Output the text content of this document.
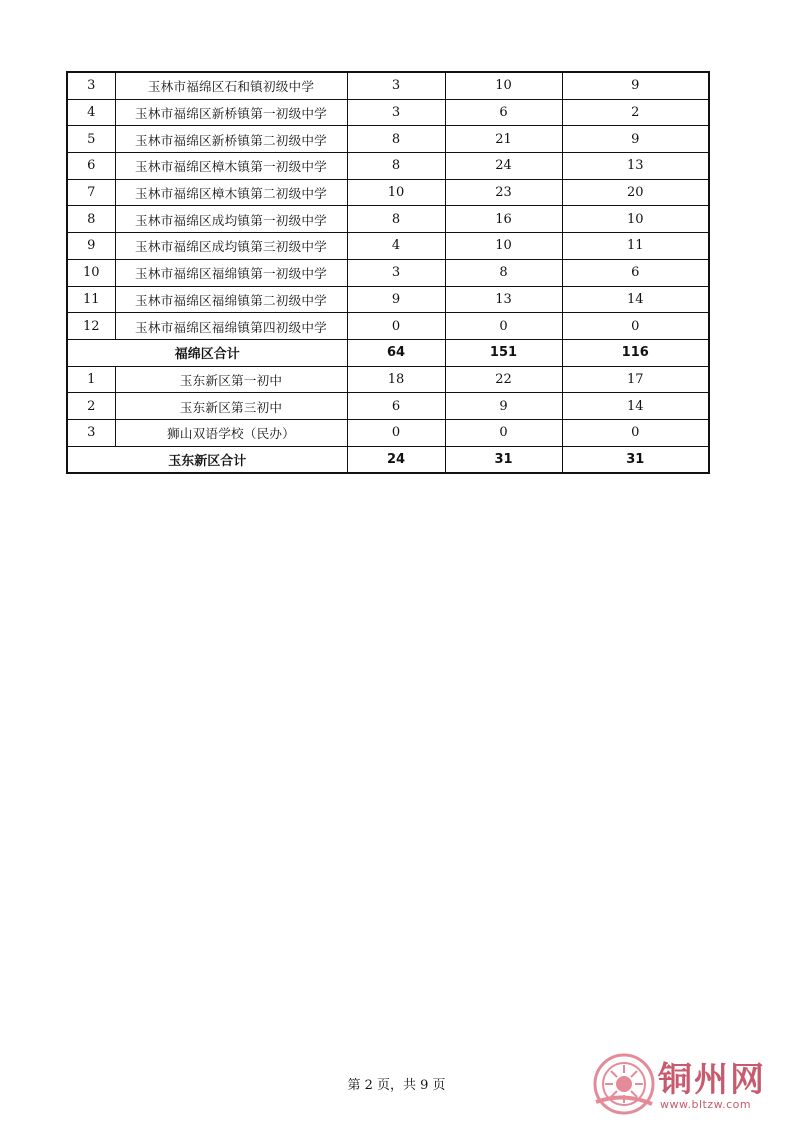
3	玉林市福绵区石和镇初级中学	3	10	9
4	玉林市福绵区新桥镇第一初级中学	3	6	2
5	玉林市福绵区新桥镇第二初级中学	8	21	9
6	玉林市福绵区樟木镇第一初级中学	8	24	13
7	玉林市福绵区樟木镇第二初级中学	10	23	20
8	玉林市福绵区成均镇第一初级中学	8	16	10
9	玉林市福绵区成均镇第三初级中学	4	10	11
10	玉林市福绵区福绵镇第一初级中学	3	8	6
11	玉林市福绵区福绵镇第二初级中学	9	13	14
12	玉林市福绵区福绵镇第四初级中学	0	0	0
福绵区合计		64	151	116
1	玉东新区第一初中	18	22	17
2	玉东新区第三初中	6	9	14
3	狮山双语学校（民办）	0	0	0
玉东新区合计		24	31	31
第 2 页，共 9 页	铜州网
www.bltzw.com
